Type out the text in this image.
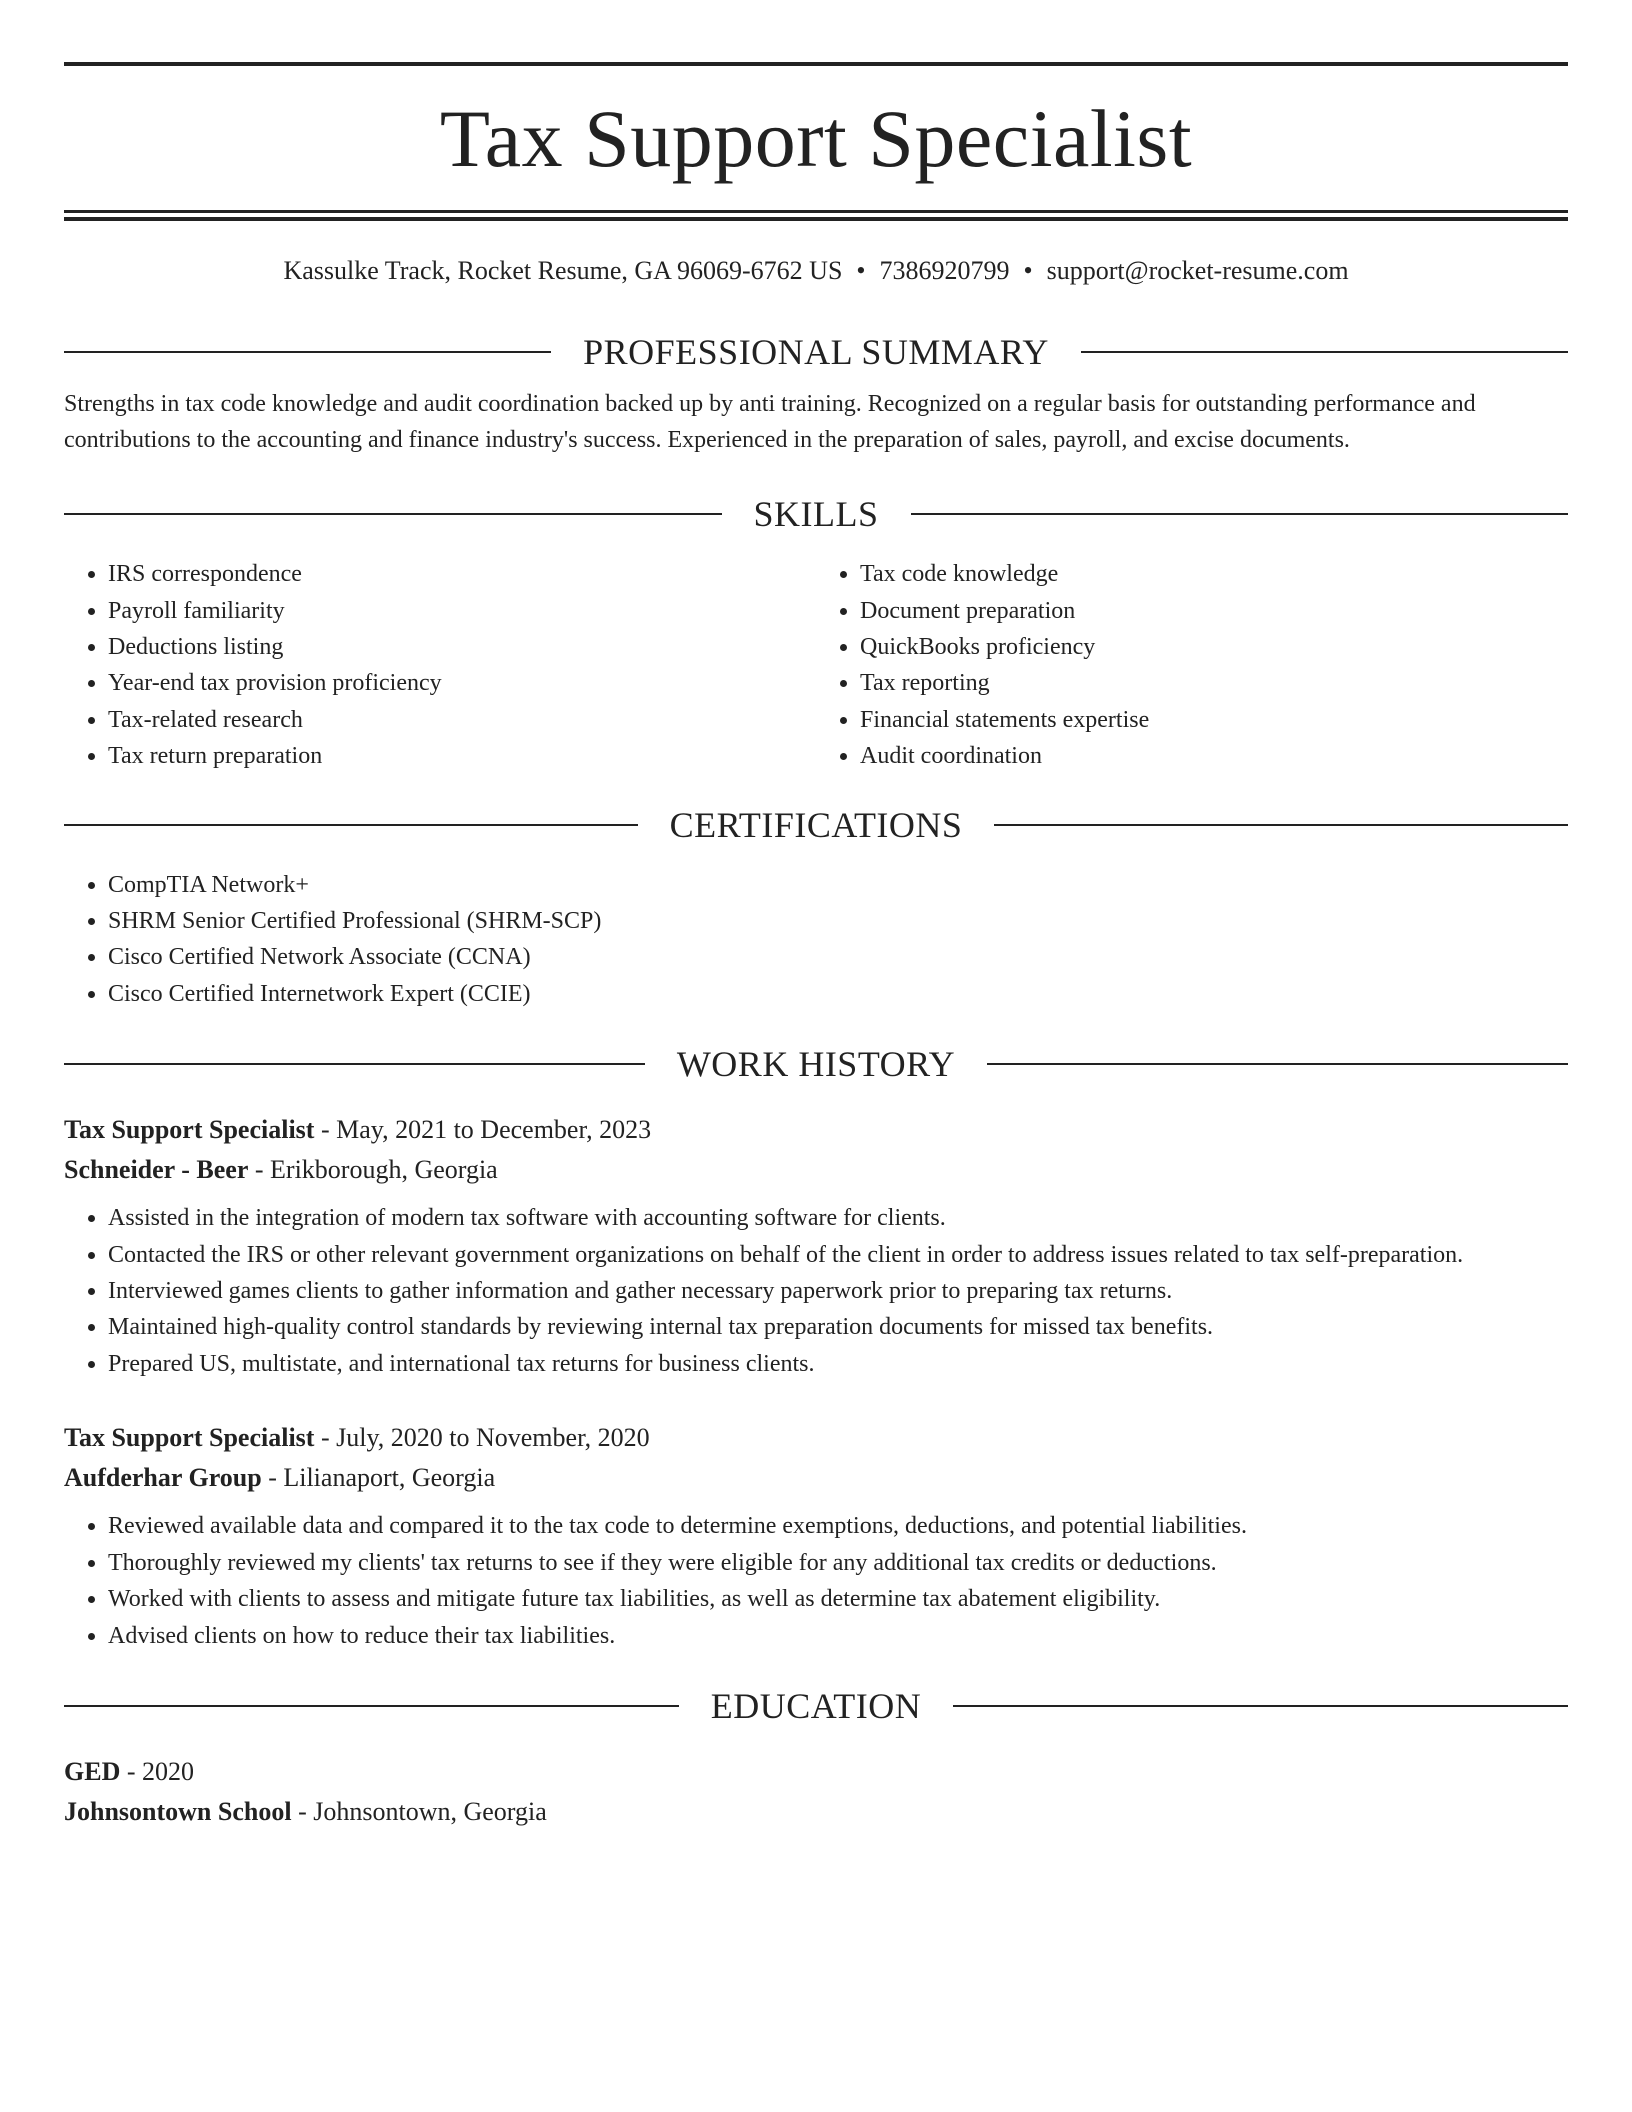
Tax Support Specialist
Kassulke Track, Rocket Resume, GA 96069-6762 US • 7386920799 • support@rocket-resume.com
PROFESSIONAL SUMMARY
Strengths in tax code knowledge and audit coordination backed up by anti training. Recognized on a regular basis for outstanding performance and contributions to the accounting and finance industry's success. Experienced in the preparation of sales, payroll, and excise documents.
SKILLS
• IRS correspondence
• Payroll familiarity
• Deductions listing
• Year-end tax provision proficiency
• Tax-related research
• Tax return preparation
• Tax code knowledge
• Document preparation
• QuickBooks proficiency
• Tax reporting
• Financial statements expertise
• Audit coordination
CERTIFICATIONS
• CompTIA Network+
• SHRM Senior Certified Professional (SHRM-SCP)
• Cisco Certified Network Associate (CCNA)
• Cisco Certified Internetwork Expert (CCIE)
WORK HISTORY
Tax Support Specialist - May, 2021 to December, 2023
Schneider - Beer - Erikborough, Georgia
• Assisted in the integration of modern tax software with accounting software for clients.
• Contacted the IRS or other relevant government organizations on behalf of the client in order to address issues related to tax self-preparation.
• Interviewed games clients to gather information and gather necessary paperwork prior to preparing tax returns.
• Maintained high-quality control standards by reviewing internal tax preparation documents for missed tax benefits.
• Prepared US, multistate, and international tax returns for business clients.
Tax Support Specialist - July, 2020 to November, 2020
Aufderhar Group - Lilianaport, Georgia
• Reviewed available data and compared it to the tax code to determine exemptions, deductions, and potential liabilities.
• Thoroughly reviewed my clients' tax returns to see if they were eligible for any additional tax credits or deductions.
• Worked with clients to assess and mitigate future tax liabilities, as well as determine tax abatement eligibility.
• Advised clients on how to reduce their tax liabilities.
EDUCATION
GED - 2020
Johnsontown School - Johnsontown, Georgia
